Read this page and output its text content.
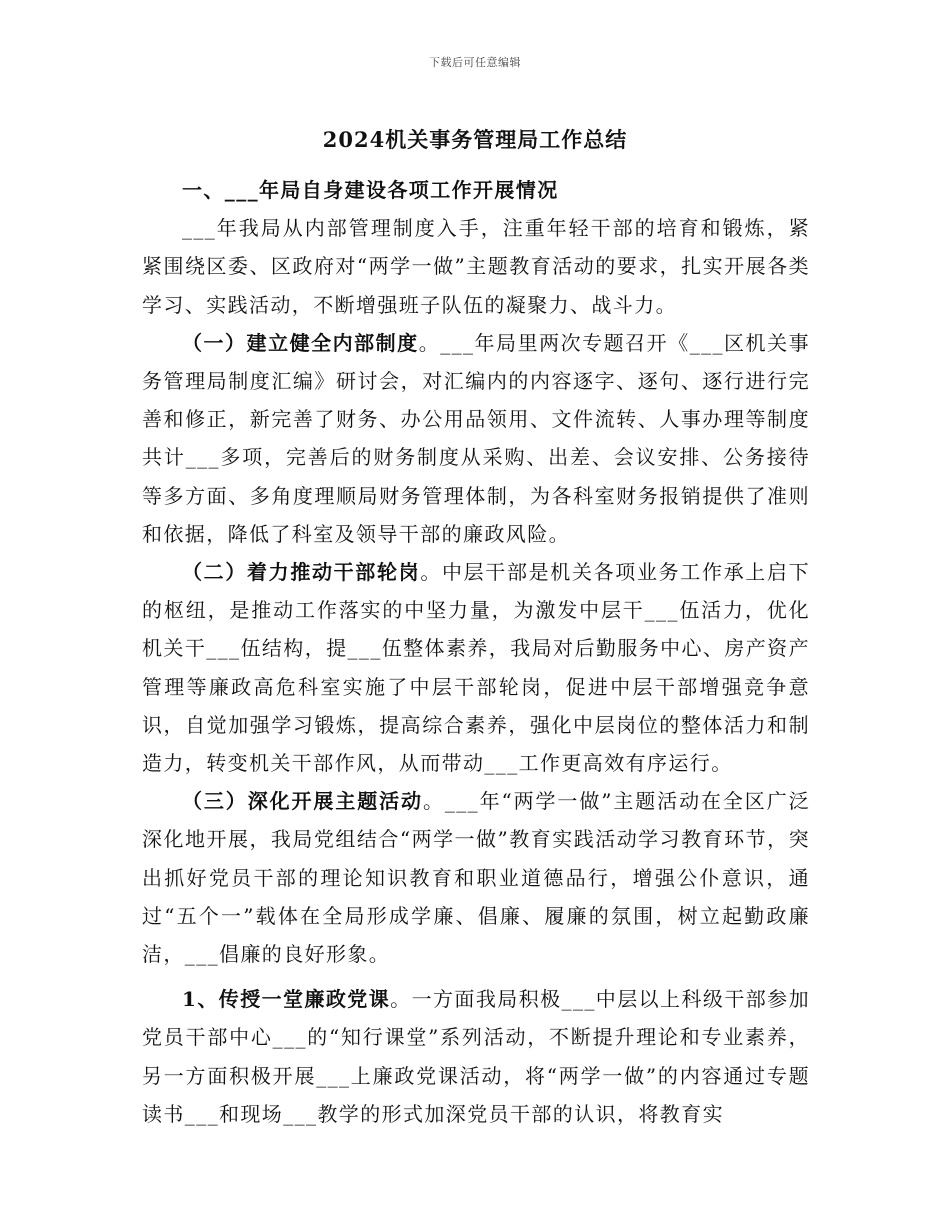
下载后可任意编辑
2024机关事务管理局工作总结

一、___年局自身建设各项工作开展情况

___年我局从内部管理制度入手，注重年轻干部的培育和锻炼，紧紧围绕区委、区政府对“两学一做”主题教育活动的要求，扎实开展各类学习、实践活动，不断增强班子队伍的凝聚力、战斗力。

（一）建立健全内部制度。___年局里两次专题召开《___区机关事务管理局制度汇编》研讨会，对汇编内的内容逐字、逐句、逐行进行完善和修正，新完善了财务、办公用品领用、文件流转、人事办理等制度共计___多项，完善后的财务制度从采购、出差、会议安排、公务接待等多方面、多角度理顺局财务管理体制，为各科室财务报销提供了准则和依据，降低了科室及领导干部的廉政风险。

（二）着力推动干部轮岗。中层干部是机关各项业务工作承上启下的枢纽，是推动工作落实的中坚力量，为激发中层干___伍活力，优化机关干___伍结构，提___伍整体素养，我局对后勤服务中心、房产资产管理等廉政高危科室实施了中层干部轮岗，促进中层干部增强竞争意识，自觉加强学习锻炼，提高综合素养，强化中层岗位的整体活力和制造力，转变机关干部作风，从而带动___工作更高效有序运行。

（三）深化开展主题活动。___年“两学一做”主题活动在全区广泛深化地开展，我局党组结合“两学一做”教育实践活动学习教育环节，突出抓好党员干部的理论知识教育和职业道德品行，增强公仆意识，通过“五个一”载体在全局形成学廉、倡廉、履廉的氛围，树立起勤政廉洁，___倡廉的良好形象。

1、传授一堂廉政党课。一方面我局积极___中层以上科级干部参加党员干部中心___的“知行课堂”系列活动，不断提升理论和专业素养，另一方面积极开展___上廉政党课活动，将“两学一做”的内容通过专题读书___和现场___教学的形式加深党员干部的认识，将教育实
